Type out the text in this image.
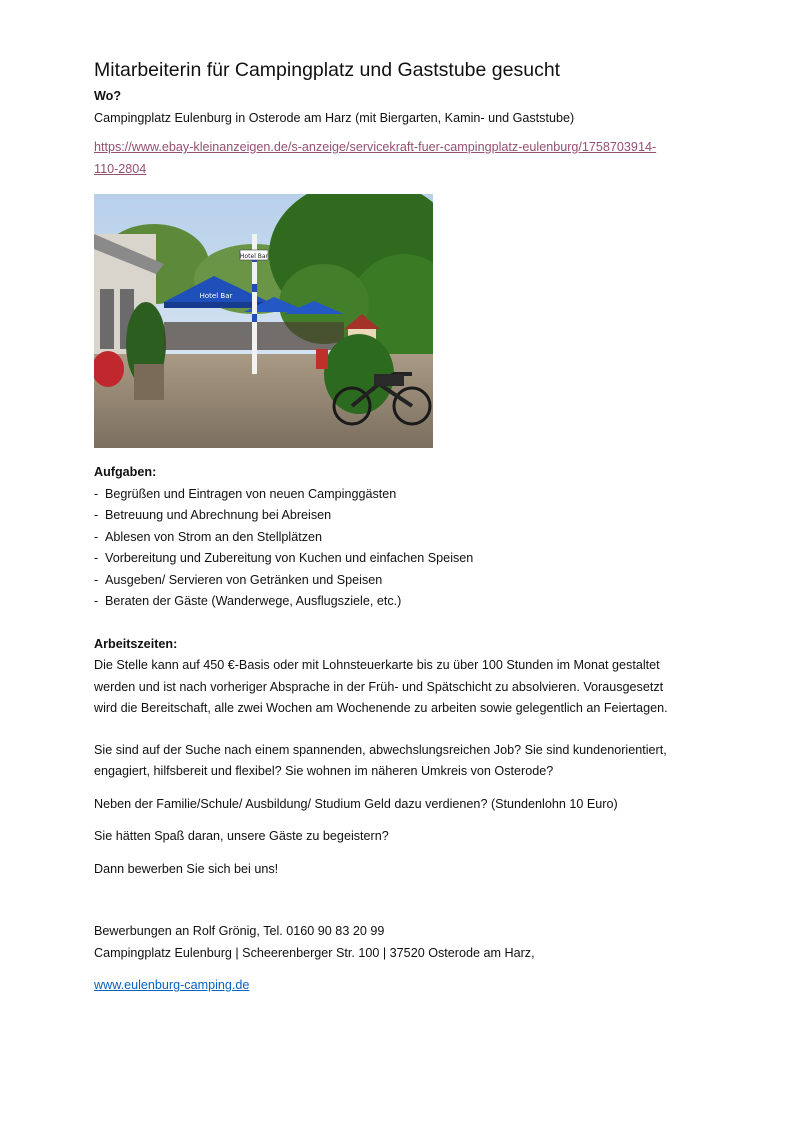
Mitarbeiterin für Campingplatz und Gaststube gesucht

Wo?

Campingplatz Eulenburg in Osterode am Harz (mit Biergarten, Kamin- und Gaststube)

https://www.ebay-kleinanzeigen.de/s-anzeige/servicekraft-fuer-campingplatz-eulenburg/1758703914-

110-2804

Hotel Bar
Hotel Bar

Aufgaben:

- Begrüßen und Eintragen von neuen Campinggästen
- Betreuung und Abrechnung bei Abreisen
- Ablesen von Strom an den Stellplätzen
- Vorbereitung und Zubereitung von Kuchen und einfachen Speisen
- Ausgeben/ Servieren von Getränken und Speisen
- Beraten der Gäste (Wanderwege, Ausflugsziele, etc.)

Arbeitszeiten:

Die Stelle kann auf 450 €-Basis oder mit Lohnsteuerkarte bis zu über 100 Stunden im Monat gestaltet

werden und ist nach vorheriger Absprache in der Früh- und Spätschicht zu absolvieren. Vorausgesetzt

wird die Bereitschaft, alle zwei Wochen am Wochenende zu arbeiten sowie gelegentlich an Feiertagen.

Sie sind auf der Suche nach einem spannenden, abwechslungsreichen Job? Sie sind kundenorientiert,

engagiert, hilfsbereit und flexibel? Sie wohnen im näheren Umkreis von Osterode?

Neben der Familie/Schule/ Ausbildung/ Studium Geld dazu verdienen? (Stundenlohn 10 Euro)

Sie hätten Spaß daran, unsere Gäste zu begeistern?

Dann bewerben Sie sich bei uns!

Bewerbungen an Rolf Grönig, Tel. 0160 90 83 20 99

Campingplatz Eulenburg | Scheerenberger Str. 100 | 37520 Osterode am Harz,

www.eulenburg-camping.de
